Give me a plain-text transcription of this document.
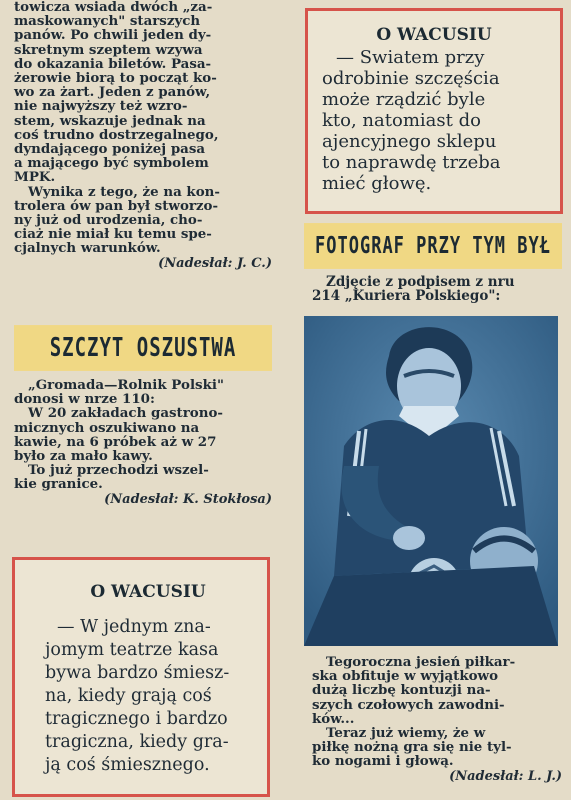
towicza wsiada dwóch „za-
maskowanych" starszych
panów. Po chwili jeden dy-
skretnym szeptem wzywa
do okazania biletów. Pasa-
żerowie biorą to począt ko-
wo za żart. Jeden z panów,
nie najwyższy też wzro-
stem, wskazuje jednak na
coś trudno dostrzegalnego,
dyndającego poniżej pasa
a mającego być symbolem
MPK.
Wynika z tego, że na kon-
trolera ów pan był stworzo-
ny już od urodzenia, cho-
ciaż nie miał ku temu spe-
cjalnych warunków.
(Nadesłał: J. C.)
SZCZYT OSZUSTWA
„Gromada—Rolnik Polski"
donosi w nrze 110:
W 20 zakładach gastrono-
micznych oszukiwano na
kawie, na 6 próbek aż w 27
było za mało kawy.
To już przechodzi wszel-
kie granice.
(Nadesłał: K. Stokłosa)
O WACUSIU
— W jednym zna-
jomym teatrze kasa
bywa bardzo śmiesz-
na, kiedy grają coś
tragicznego i bardzo
tragiczna, kiedy gra-
ją coś śmiesznego.
O WACUSIU
— Swiatem przy
odrobinie szczęścia
może rządzić byle
kto, natomiast do
ajencyjnego sklepu
to naprawdę trzeba
mieć głowę.
FOTOGRAF PRZY TYM BYŁ
Zdjęcie z podpisem z nru
214 „Kuriera Polskiego":
Tegoroczna jesień piłkar-
ska obfituje w wyjątkowo
dużą liczbę kontuzji na-
szych czołowych zawodni-
ków...
Teraz już wiemy, że w
piłkę nożną gra się nie tyl-
ko nogami i głową.
(Nadesłał: L. J.)
